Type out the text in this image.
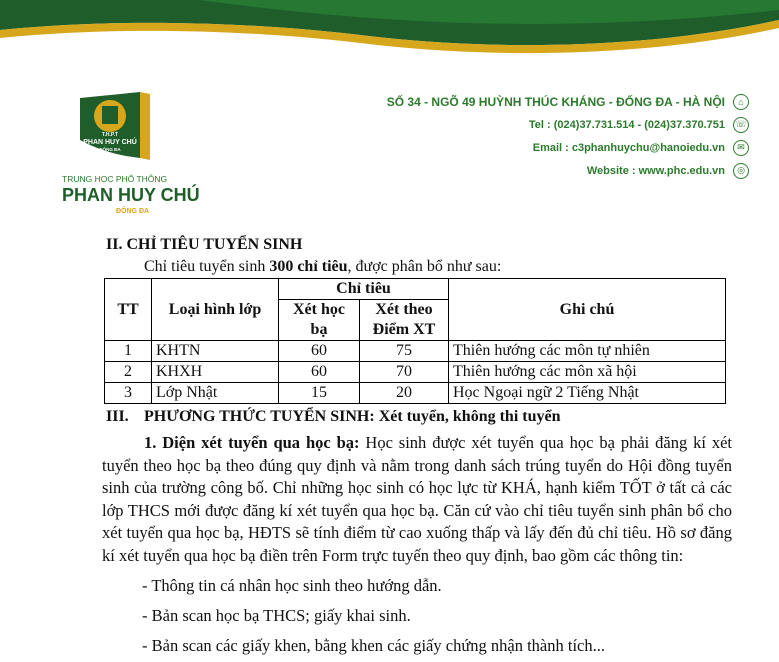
T.H.P.T
PHAN HUY CHÚ
ĐỐNG ĐA
TRUNG HỌC PHỔ THÔNG
PHAN HUY CHÚ
ĐỐNG ĐA
SỐ 34 - NGÕ 49 HUỲNH THÚC KHÁNG - ĐỐNG ĐA - HÀ NỘI	⌂
Tel : (024)37.731.514 - (024)37.370.751 ☏
Email : c3phanhuychu@hanoiedu.vn	✉
Website : www.phc.edu.vn	◎
II. CHỈ TIÊU TUYỂN SINH
Chỉ tiêu tuyển sinh 300 chỉ tiêu, được phân bổ như sau:
TT	Loại hình lớp	Chỉ tiêu		Ghi chú
		Xét học bạ	Xét theo Điểm XT	
1	KHTN	60	75	Thiên hướng các môn tự nhiên
2	KHXH	60	70	Thiên hướng các môn xã hội
3	Lớp Nhật	15	20	Học Ngoại ngữ 2 Tiếng Nhật
III. PHƯƠNG THỨC TUYỂN SINH: Xét tuyển, không thi tuyển
1. Diện xét tuyển qua học bạ: Học sinh được xét tuyển qua học bạ phải đăng kí xét tuyển theo học bạ theo đúng quy định và nằm trong danh sách trúng tuyển do Hội đồng tuyển sinh của trường công bố. Chỉ những học sinh có học lực từ KHÁ, hạnh kiểm TỐT ở tất cả các lớp THCS mới được đăng kí xét tuyển qua học bạ. Căn cứ vào chỉ tiêu tuyển sinh phân bổ cho xét tuyển qua học bạ, HĐTS sẽ tính điểm từ cao xuống thấp và lấy đến đủ chỉ tiêu. Hồ sơ đăng kí xét tuyển qua học bạ điền trên Form trực tuyến theo quy định, bao gồm các thông tin:
- Thông tin cá nhân học sinh theo hướng dẫn.
- Bản scan học bạ THCS; giấy khai sinh.
- Bản scan các giấy khen, bằng khen các giấy chứng nhận thành tích...
